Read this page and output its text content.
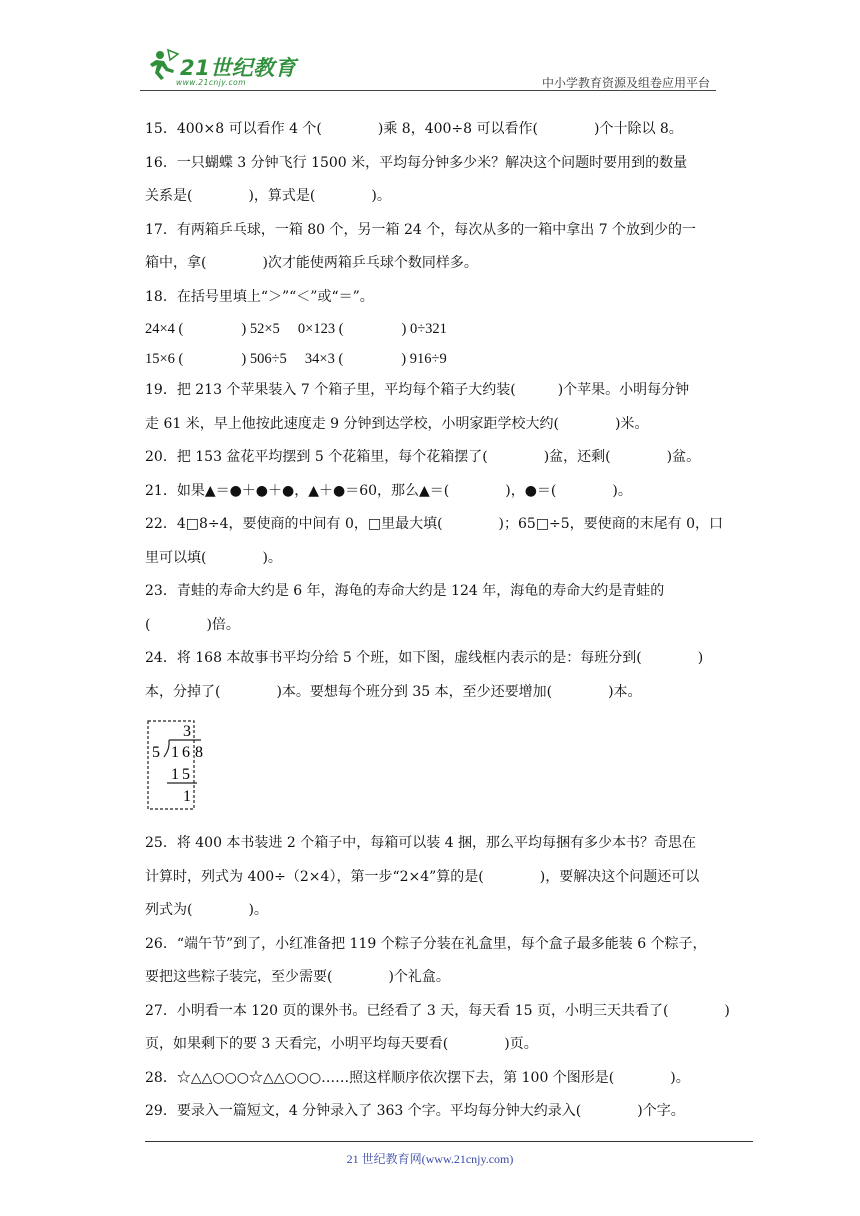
21世纪教育
www.21cnjy.com	中小学教育资源及组卷应用平台
15．400×8 可以看作 4 个(　　　　)乘 8，400÷8 可以看作(　　　　)个十除以 8。
16．一只蝴蝶 3 分钟飞行 1500 米，平均每分钟多少米？解决这个问题时要用到的数量
关系是(　　　　)，算式是(　　　　)。
17．有两箱乒乓球，一箱 80 个，另一箱 24 个，每次从多的一箱中拿出 7 个放到少的一
箱中，拿(　　　　)次才能使两箱乒乓球个数同样多。
18．在括号里填上“＞”“＜”或“＝”。
24×4 (　　　　) 52×5　 0×123 (　　　　) 0÷321
15×6 (　　　　) 506÷5　 34×3 (　　　　) 916÷9
19．把 213 个苹果装入 7 个箱子里，平均每个箱子大约装(　　　)个苹果。小明每分钟
走 61 米，早上他按此速度走 9 分钟到达学校，小明家距学校大约(　　　　)米。
20．把 153 盆花平均摆到 5 个花箱里，每个花箱摆了(　　　　)盆，还剩(　　　　)盆。
21．如果▲＝●＋●＋●，▲＋●＝60，那么▲＝(　　　　)，●＝(　　　　)。
22．4□8÷4，要使商的中间有 0，□里最大填(　　　　)；65□÷5，要使商的末尾有 0，口
里可以填(　　　　)。
23．青蛙的寿命大约是 6 年，海龟的寿命大约是 124 年，海龟的寿命大约是青蛙的
(　　　　)倍。
24．将 168 本故事书平均分给 5 个班，如下图，虚线框内表示的是：每班分到(　　　　)
本，分掉了(　　　　)本。要想每个班分到 35 本，至少还要增加(　　　　)本。
3
5 1 6 8
15
1
25．将 400 本书装进 2 个箱子中，每箱可以装 4 捆，那么平均每捆有多少本书？奇思在
计算时，列式为 400÷（2×4），第一步“2×4”算的是(　　　　)，要解决这个问题还可以
列式为(　　　　)。
26．“端午节”到了，小红准备把 119 个粽子分装在礼盒里，每个盒子最多能装 6 个粽子，
要把这些粽子装完，至少需要(　　　　)个礼盒。
27．小明看一本 120 页的课外书。已经看了 3 天，每天看 15 页，小明三天共看了(　　　　)
页，如果剩下的要 3 天看完，小明平均每天要看(　　　　)页。
28．☆△△○○○☆△△○○○……照这样顺序依次摆下去，第 100 个图形是(　　　　)。
29．要录入一篇短文，4 分钟录入了 363 个字。平均每分钟大约录入(　　　　)个字。
21 世纪教育网(www.21cnjy.com)
